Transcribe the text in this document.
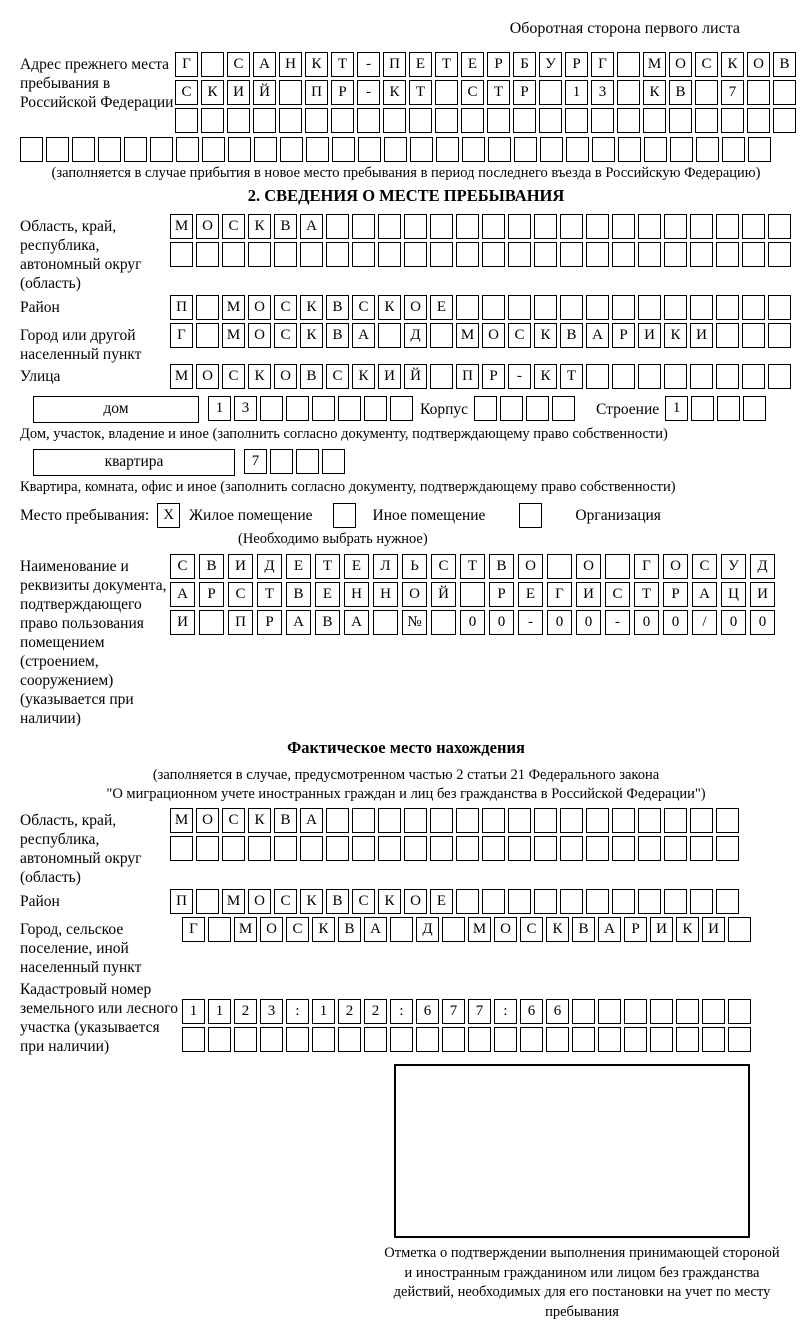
Оборотная сторона первого листа
Адрес прежнего места пребывания в Российской Федерации
Г	С А Н К Т - П Е Т Е Р Б У Р Г	М О С К О В
С К И Й	П Р - К Т	С Т Р	1 3	К В	7
(заполняется в случае прибытия в новое место пребывания в период последнего въезда в Российскую Федерацию)
2. СВЕДЕНИЯ О МЕСТЕ ПРЕБЫВАНИЯ
Область, край, республика, автономный округ (область)
М О С К В А
Район	П	М О С К В С К О Е
Город или другой населенный пункт
Г	М О С К В А	Д	М О С К В А Р И К И
Улица	М О С К О В С К И Й	П Р - К Т
дом	1 3	Корпус	Строение 1
Дом, участок, владение и иное (заполнить согласно документу, подтверждающему право собственности)
квартира	7
Квартира, комната, офис и иное (заполнить согласно документу, подтверждающему право собственности)
Место пребывания: X Жилое помещение	Иное помещение	Организация
(Необходимо выбрать нужное)
Наименование и реквизиты документа, подтверждающего право пользования помещением (строением, сооружением) (указывается при наличии)
С В И Д Е Т Е Л Ь С Т В О	О	Г О С У Д
А Р С Т В Е Н Н О Й	Р Е Г И С Т Р А Ц И
И	П Р А В А	№	0 0 - 0 0 - 0 0 / 0 0
Фактическое место нахождения
(заполняется в случае, предусмотренном частью 2 статьи 21 Федерального закона
"О миграционном учете иностранных граждан и лиц без гражданства в Российской Федерации")
Область, край, республика, автономный округ (область)
М О С К В А
Район	П	М О С К В С К О Е
Город, сельское поселение, иной населенный пункт
Г	М О С К В А	Д	М О С К В А Р И К И
Кадастровый номер земельного или лесного участка (указывается при наличии)
1 1 2 3 : 1 2 2 : 6 7 7 : 6 6
Отметка о подтверждении выполнения принимающей стороной и иностранным гражданином или лицом без гражданства действий, необходимых для его постановки на учет по месту пребывания
